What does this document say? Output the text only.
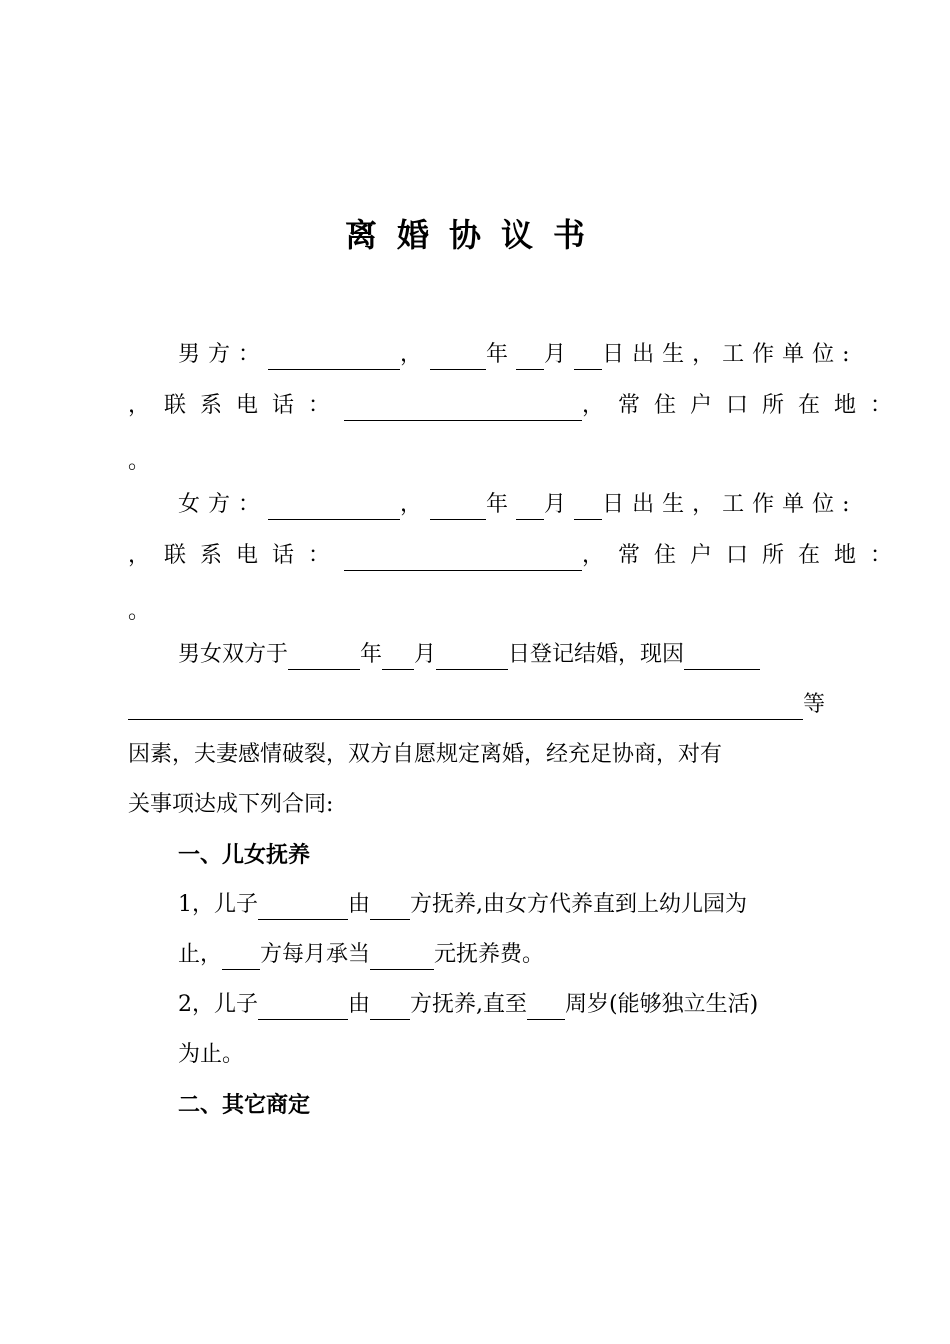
离婚协议书
男方：	，	年 月 日出生，工作单位:
，联系电话：	，常住户口所在地：
。
女方：	，	年 月 日出生，工作单位:
，联系电话：	，常住户口所在地：
。
男女双方于	年 月	日登记结婚，现因
等
因素，夫妻感情破裂，双方自愿规定离婚，经充足协商，对有
关事项达成下列合同:
一、儿女抚养
1，儿子	由 方抚养,由女方代养直到上幼儿园为
止， 方每月承当	元抚养费。
2，儿子	由 方抚养,直至 周岁(能够独立生活)
为止。
二、其它商定
